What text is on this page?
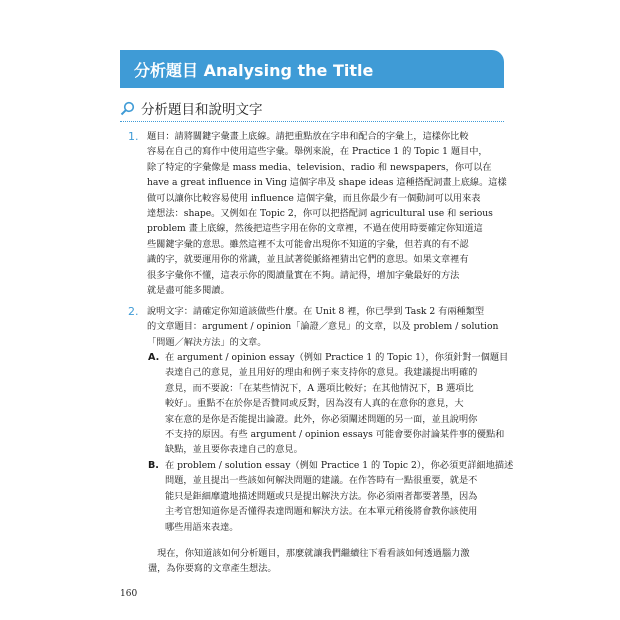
分析題目 Analysing the Title
分析題目和說明文字
1. 題目：請將關鍵字彙畫上底線。請把重點放在字串和配合的字彙上，這樣你比較
容易在自己的寫作中使用這些字彙。舉例來說，在 Practice 1 的 Topic 1 題目中，
除了特定的字彙像是 mass media、television、radio 和 newspapers，你可以在
have a great influence in Ving 這個字串及 shape ideas 這種搭配詞畫上底線。這樣
做可以讓你比較容易使用 influence 這個字彙，而且你最少有一個動詞可以用來表
達想法：shape。又例如在 Topic 2，你可以把搭配詞 agricultural use 和 serious
problem 畫上底線，然後把這些字用在你的文章裡，不過在使用時要確定你知道這
些關鍵字彙的意思。雖然這裡不太可能會出現你不知道的字彙，但若真的有不認
識的字，就要運用你的常識，並且試著從脈絡裡猜出它們的意思。如果文章裡有
很多字彙你不懂，這表示你的閱讀量實在不夠。請記得，增加字彙最好的方法
就是盡可能多閱讀。
2. 說明文字：請確定你知道該做些什麼。在 Unit 8 裡，你已學到 Task 2 有兩種類型
的文章題目：argument / opinion「論證／意見」的文章，以及 problem / solution
「問題／解決方法」的文章。
A. 在 argument / opinion essay（例如 Practice 1 的 Topic 1），你須針對一個題目
表達自己的意見，並且用好的理由和例子來支持你的意見。我建議提出明確的
意見，而不要說：「在某些情況下，A 選項比較好；在其他情況下，B 選項比
較好」。重點不在於你是否贊同或反對，因為沒有人真的在意你的意見，大
家在意的是你是否能提出論證。此外，你必須闡述問題的另一面，並且說明你
不支持的原因。有些 argument / opinion essays 可能會要你討論某件事的優點和
缺點，並且要你表達自己的意見。
B. 在 problem / solution essay（例如 Practice 1 的 Topic 2），你必須更詳細地描述
問題，並且提出一些該如何解決問題的建議。在作答時有一點很重要，就是不
能只是鉅細靡遺地描述問題或只是提出解決方法。你必須兩者都要著墨，因為
主考官想知道你是否懂得表達問題和解決方法。在本單元稍後將會教你該使用
哪些用語來表達。
　現在，你知道該如何分析題目，那麼就讓我們繼續往下看看該如何透過腦力激
盪，為你要寫的文章產生想法。
160
